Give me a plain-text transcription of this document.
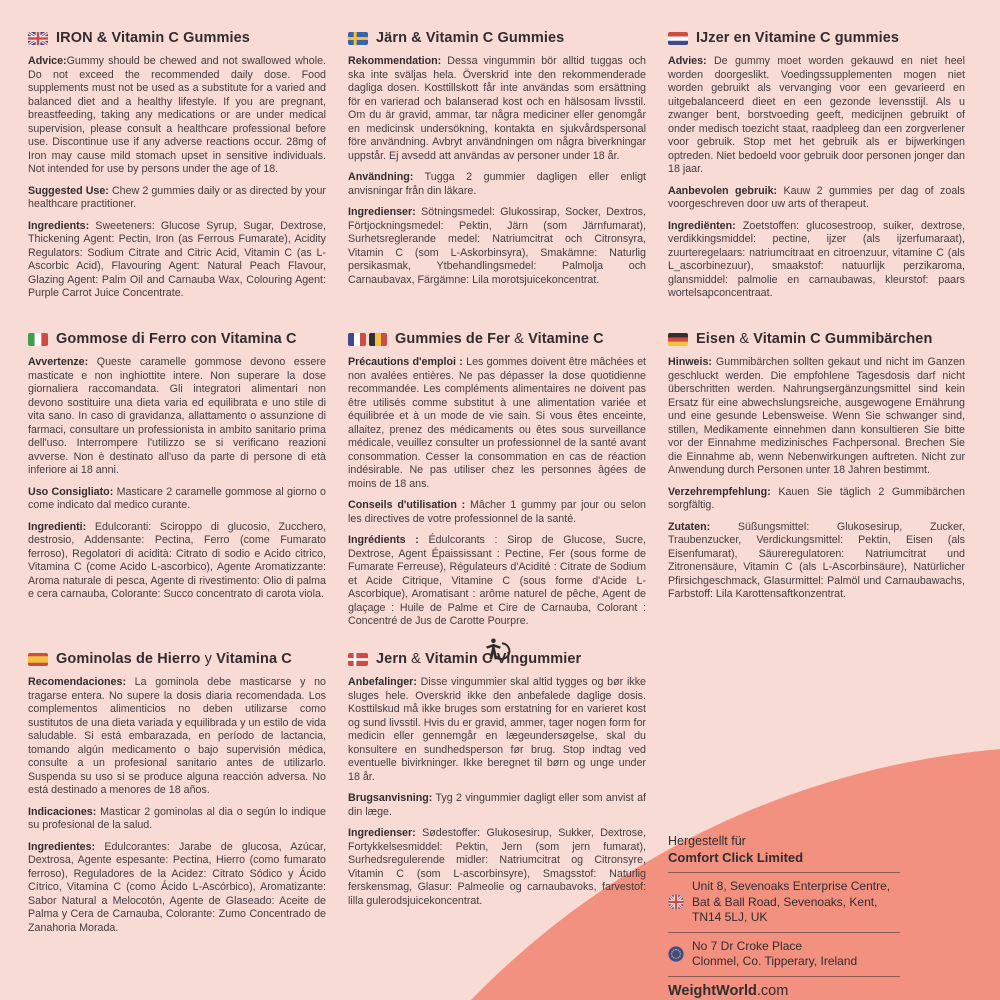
IRON & Vitamin C Gummies

Advice:Gummy should be chewed and not swallowed whole. Do not exceed the recommended daily dose. Food supplements must not be used as a substitute for a varied and balanced diet and a healthy lifestyle. If you are pregnant, breastfeeding, taking any medications or are under medical supervision, please consult a healthcare professional before use. Discontinue use if any adverse reactions occur. 28mg of Iron may cause mild stomach upset in sensitive individuals. Not intended for use by persons under the age of 18.

Suggested Use: Chew 2 gummies daily or as directed by your healthcare practitioner.

Ingredients: Sweeteners: Glucose Syrup, Sugar, Dextrose, Thickening Agent: Pectin, Iron (as Ferrous Fumarate), Acidity Regulators: Sodium Citrate and Citric Acid, Vitamin C (as L-Ascorbic Acid), Flavouring Agent: Natural Peach Flavour, Glazing Agent: Palm Oil and Carnauba Wax, Colouring Agent: Purple Carrot Juice Concentrate.

Järn & Vitamin C Gummies

Rekommendation: Dessa vingummin bör alltid tuggas och ska inte sväljas hela. Överskrid inte den rekommenderade dagliga dosen. Kosttillskott får inte användas som ersättning för en varierad och balanserad kost och en hälsosam livsstil. Om du är gravid, ammar, tar några mediciner eller genomgår en medicinsk undersökning, kontakta en sjukvårdspersonal före användning. Avbryt användningen om några biverkningar uppstår. Ej avsedd att användas av personer under 18 år.

Användning: Tugga 2 gummier dagligen eller enligt anvisningar från din läkare.

Ingredienser: Sötningsmedel: Glukossirap, Socker, Dextros, Förtjockningsmedel: Pektin, Järn (som Järnfumarat), Surhetsreglerande medel: Natriumcitrat och Citronsyra, Vitamin C (som L-Askorbinsyra), Smakämne: Naturlig persikasmak, Ytbehandlingsmedel: Palmolja och Carnaubavax, Färgämne: Lila morotsjuicekoncentrat.

IJzer en Vitamine C gummies

Advies: De gummy moet worden gekauwd en niet heel worden doorgeslikt. Voedingssupplementen mogen niet worden gebruikt als vervanging voor een gevarieerd en uitgebalanceerd dieet en een gezonde levensstijl. Als u zwanger bent, borstvoeding geeft, medicijnen gebruikt of onder medisch toezicht staat, raadpleeg dan een zorgverlener voor gebruik. Stop met het gebruik als er bijwerkingen optreden. Niet bedoeld voor gebruik door personen jonger dan 18 jaar.

Aanbevolen gebruik: Kauw 2 gummies per dag of zoals voorgeschreven door uw arts of therapeut.

Ingrediënten: Zoetstoffen: glucosestroop, suiker, dextrose, verdikkingsmiddel: pectine, ijzer (als ijzerfumaraat), zuurteregelaars: natriumcitraat en citroenzuur, vitamine C (als L_ascorbinezuur), smaakstof: natuurlijk perzikaroma, glansmiddel: palmolie en carnaubawas, kleurstof: paars wortelsapconcentraat.

Gommose di Ferro con Vitamina C

Avvertenze: Queste caramelle gommose devono essere masticate e non inghiottite intere. Non superare la dose giornaliera raccomandata. Gli integratori alimentari non devono sostituire una dieta varia ed equilibrata e uno stile di vita sano. In caso di gravidanza, allattamento o assunzione di farmaci, consultare un professionista in ambito sanitario prima dell'uso. Interrompere l'utilizzo se si verificano reazioni avverse. Non è destinato all'uso da parte di persone di età inferiore ai 18 anni.

Uso Consigliato: Masticare 2 caramelle gommose al giorno o come indicato dal medico curante.

Ingredienti: Edulcoranti: Sciroppo di glucosio, Zucchero, destrosio, Addensante: Pectina, Ferro (come Fumarato ferroso), Regolatori di acidità: Citrato di sodio e Acido citrico, Vitamina C (come Acido L-ascorbico), Agente Aromatizzante: Aroma naturale di pesca, Agente di rivestimento: Olio di palma e cera carnauba, Colorante: Succo concentrato di carota viola.

Gummies de Fer & Vitamine C

Précautions d'emploi : Les gommes doivent être mâchées et non avalées entières. Ne pas dépasser la dose quotidienne recommandée. Les compléments alimentaires ne doivent pas être utilisés comme substitut à une alimentation variée et équilibrée et à un mode de vie sain. Si vous êtes enceinte, allaitez, prenez des médicaments ou êtes sous surveillance médicale, veuillez consulter un professionnel de la santé avant consommation. Cesser la consommation en cas de réaction indésirable. Ne pas utiliser chez les personnes âgées de moins de 18 ans.

Conseils d'utilisation : Mâcher 1 gummy par jour ou selon les directives de votre professionnel de la santé.

Ingrédients : Édulcorants : Sirop de Glucose, Sucre, Dextrose, Agent Épaississant : Pectine, Fer (sous forme de Fumarate Ferreuse), Régulateurs d'Acidité : Citrate de Sodium et Acide Citrique, Vitamine C (sous forme d'Acide L-Ascorbique), Aromatisant : arôme naturel de pêche, Agent de glaçage : Huile de Palme et Cire de Carnauba, Colorant : Concentré de Jus de Carotte Pourpre.

Eisen & Vitamin C Gummibärchen

Hinweis: Gummibärchen sollten gekaut und nicht im Ganzen geschluckt werden. Die empfohlene Tagesdosis darf nicht überschritten werden. Nahrungsergänzungsmittel sind kein Ersatz für eine abwechslungsreiche, ausgewogene Ernährung und eine gesunde Lebensweise. Wenn Sie schwanger sind, stillen, Medikamente einnehmen dann konsultieren Sie bitte vor der Einnahme medizinisches Fachpersonal. Brechen Sie die Einnahme ab, wenn Nebenwirkungen auftreten. Nicht zur Anwendung durch Personen unter 18 Jahren bestimmt.

Verzehrempfehlung: Kauen Sie täglich 2 Gummibärchen sorgfältig.

Zutaten: Süßungsmittel: Glukosesirup, Zucker, Traubenzucker, Verdickungsmittel: Pektin, Eisen (als Eisenfumarat), Säureregulatoren: Natriumcitrat und Zitronensäure, Vitamin C (als L-Ascorbinsäure), Natürlicher Pfirsichgeschmack, Glasurmittel: Palmöl und Carnaubawachs, Farbstoff: Lila Karottensaftkonzentrat.

Gominolas de Hierro y Vitamina C

Recomendaciones: La gominola debe masticarse y no tragarse entera. No supere la dosis diaria recomendada. Los complementos alimenticios no deben utilizarse como sustitutos de una dieta variada y equilibrada y un estilo de vida saludable. Si está embarazada, en período de lactancia, tomando algún medicamento o bajo supervisión médica, consulte a un profesional sanitario antes de utilizarlo. Suspenda su uso si se produce alguna reacción adversa. No está destinado a menores de 18 años.

Indicaciones: Masticar 2 gominolas al dia o según lo indique su profesional de la salud.

Ingredientes: Edulcorantes: Jarabe de glucosa, Azúcar, Dextrosa, Agente espesante: Pectina, Hierro (como fumarato ferroso), Reguladores de la Acidez: Citrato Sódico y Ácido Cítrico, Vitamina C (como Ácido L-Ascórbico), Aromatizante: Sabor Natural a Melocotón, Agente de Glaseado: Aceite de Palma y Cera de Carnauba, Colorante: Zumo Concentrado de Zanahoria Morada.

Jern & Vitamin C Vingummier

Anbefalinger: Disse vingummier skal altid tygges og bør ikke sluges hele. Overskrid ikke den anbefalede daglige dosis. Kosttilskud må ikke bruges som erstatning for en varieret kost og sund livsstil. Hvis du er gravid, ammer, tager nogen form for medicin eller gennemgår en lægeundersøgelse, skal du konsultere en sundhedsperson før brug. Stop indtag ved eventuelle bivirkninger. Ikke beregnet til børn og unge under 18 år.

Brugsanvisning: Tyg 2 vingummier dagligt eller som anvist af din læge.

Ingredienser: Sødestoffer: Glukosesirup, Sukker, Dextrose, Fortykkelsesmiddel: Pektin, Jern (som jern fumarat), Surhedsregulerende midler: Natriumcitrat og Citronsyre, Vitamin C (som L-ascorbinsyre), Smagsstof: Naturlig ferskensmag, Glasur: Palmeolie og carnaubavoks, farvestof: lilla gulerodsjuicekoncentrat.

Hergestellt für
Comfort Click Limited
Unit 8, Sevenoaks Enterprise Centre, Bat & Ball Road, Sevenoaks, Kent, TN14 5LJ, UK
No 7 Dr Croke Place
Clonmel, Co. Tipperary, Ireland
WeightWorld.com
